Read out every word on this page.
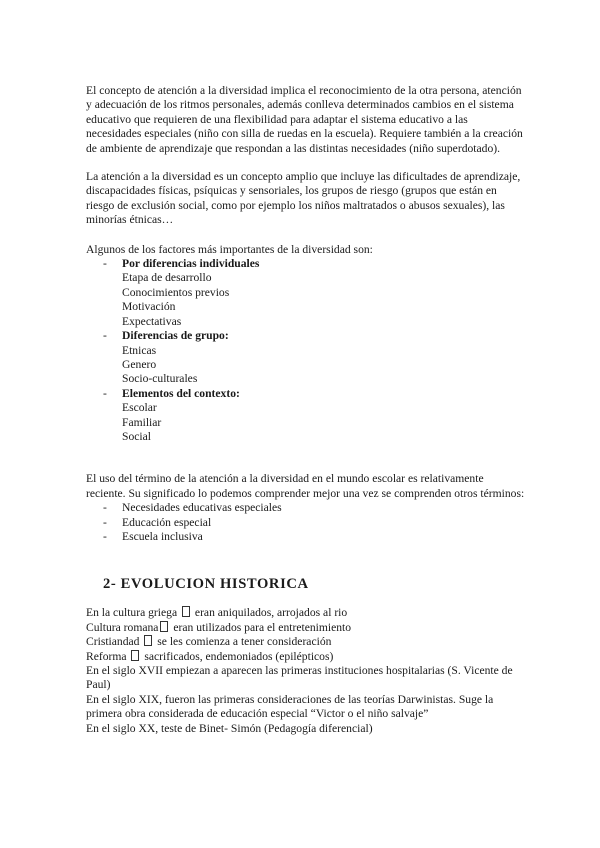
El concepto de atención a la diversidad implica el reconocimiento de la otra persona, atención y adecuación de los ritmos personales, además conlleva determinados cambios en el sistema educativo que requieren de una flexibilidad para adaptar el sistema educativo a las necesidades especiales (niño con silla de ruedas en la escuela). Requiere también a la creación de ambiente de aprendizaje que respondan a las distintas necesidades (niño superdotado).

La atención a la diversidad es un concepto amplio que incluye las dificultades de aprendizaje, discapacidades físicas, psíquicas y sensoriales, los grupos de riesgo (grupos que están en riesgo de exclusión social, como por ejemplo los niños maltratados o abusos sexuales), las minorías étnicas…

Algunos de los factores más importantes de la diversidad son:

- Por diferencias individuales
Etapa de desarrollo
Conocimientos previos
Motivación
Expectativas
- Diferencias de grupo:
Etnicas
Genero
Socio-culturales
- Elementos del contexto:
Escolar
Familiar
Social

El uso del término de la atención a la diversidad en el mundo escolar es relativamente reciente. Su significado lo podemos comprender mejor una vez se comprenden otros términos:

- Necesidades educativas especiales
- Educación especial
- Escuela inclusiva
2- EVOLUCION HISTORICA

En la cultura griega eran aniquilados, arrojados al rio

Cultura romana eran utilizados para el entretenimiento

Cristiandad se les comienza a tener consideración

Reforma sacrificados, endemoniados (epilépticos)

En el siglo XVII empiezan a aparecen las primeras instituciones hospitalarias (S. Vicente de Paul)

En el siglo XIX, fueron las primeras consideraciones de las teorías Darwinistas. Suge la primera obra considerada de educación especial “Victor o el niño salvaje”

En el siglo XX, teste de Binet- Simón (Pedagogía diferencial)
